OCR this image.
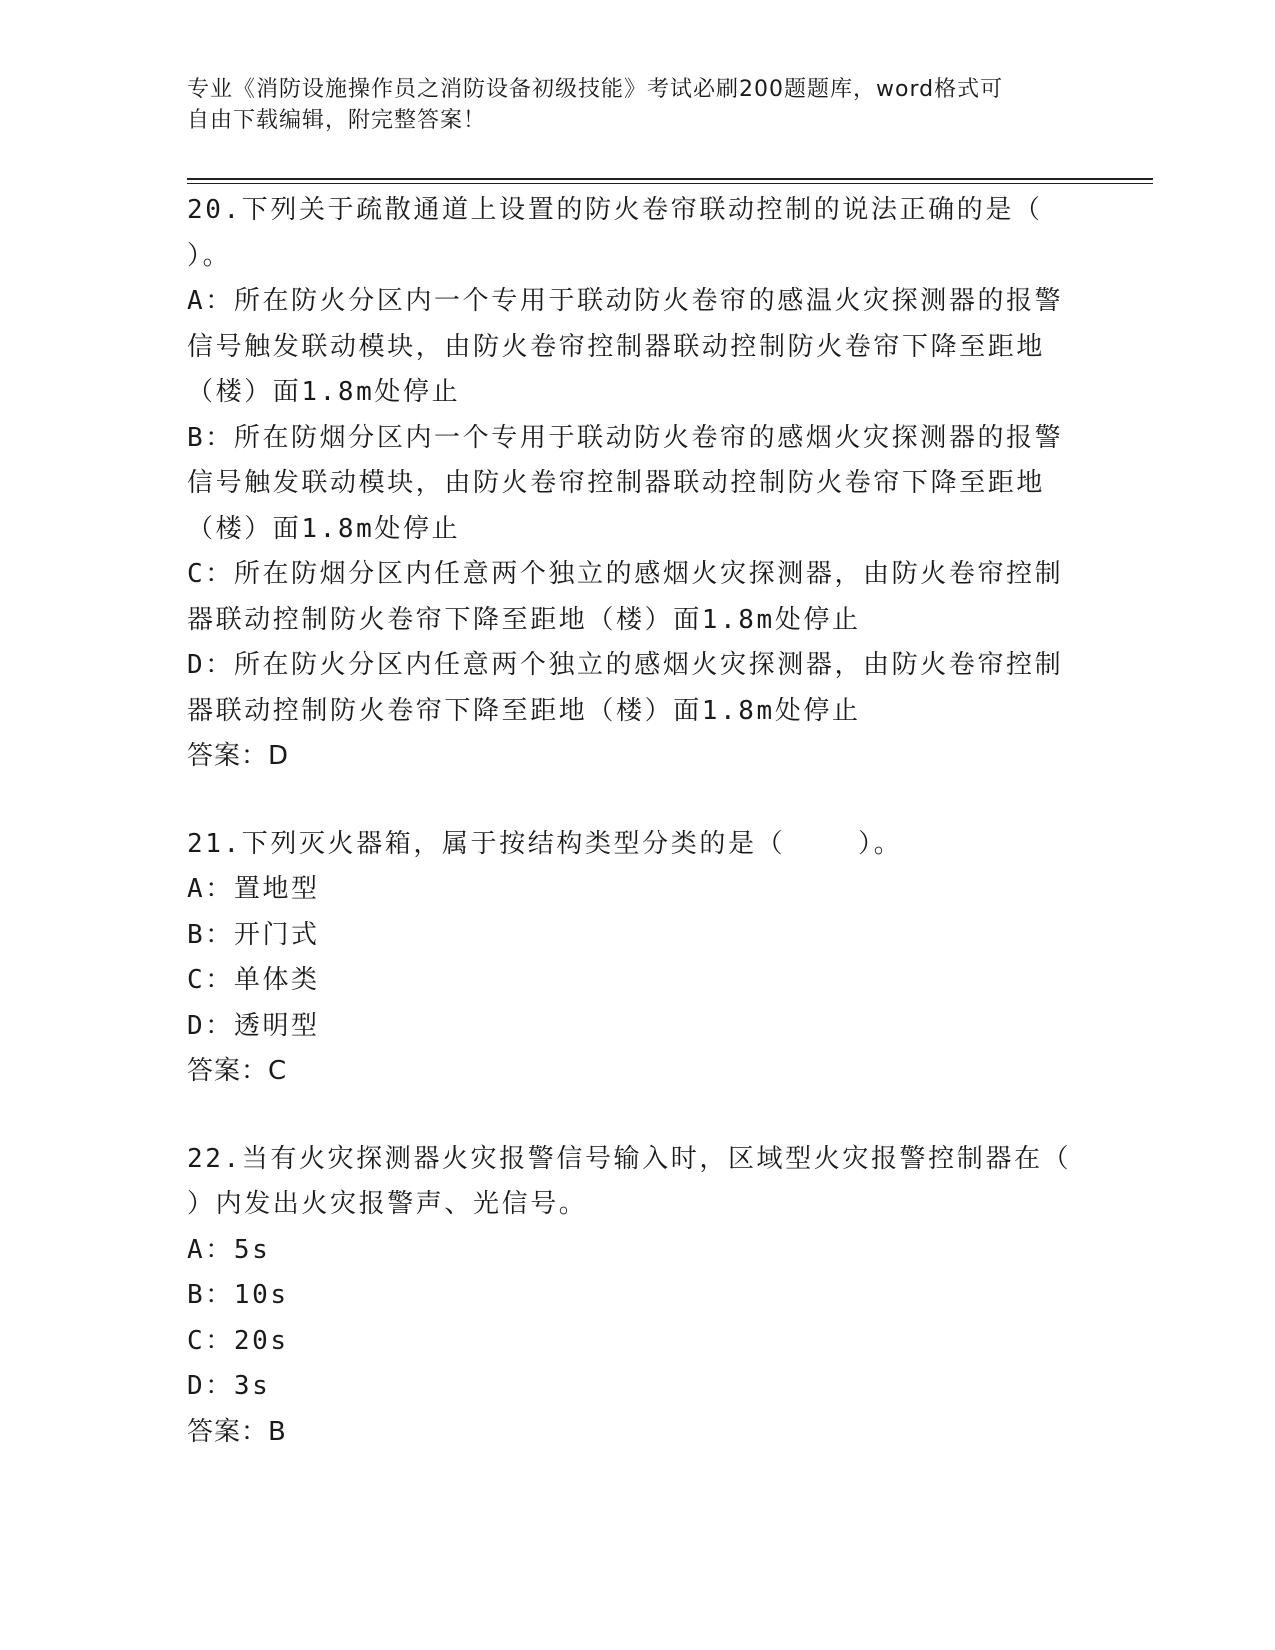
专业《消防设施操作员之消防设备初级技能》考试必刷200题题库，word格式可
自由下载编辑，附完整答案！
20.下列关于疏散通道上设置的防火卷帘联动控制的说法正确的是（
）。
A：所在防火分区内一个专用于联动防火卷帘的感温火灾探测器的报警
信号触发联动模块，由防火卷帘控制器联动控制防火卷帘下降至距地
（楼）面1.8m处停止
B：所在防烟分区内一个专用于联动防火卷帘的感烟火灾探测器的报警
信号触发联动模块，由防火卷帘控制器联动控制防火卷帘下降至距地
（楼）面1.8m处停止
C：所在防烟分区内任意两个独立的感烟火灾探测器，由防火卷帘控制
器联动控制防火卷帘下降至距地（楼）面1.8m处停止
D：所在防火分区内任意两个独立的感烟火灾探测器，由防火卷帘控制
器联动控制防火卷帘下降至距地（楼）面1.8m处停止
答案：D
21.下列灭火器箱，属于按结构类型分类的是（    ）。
A：置地型
B：开门式
C：单体类
D：透明型
答案：C
22.当有火灾探测器火灾报警信号输入时，区域型火灾报警控制器在（
）内发出火灾报警声、光信号。
A：5s
B：10s
C：20s
D：3s
答案：B
